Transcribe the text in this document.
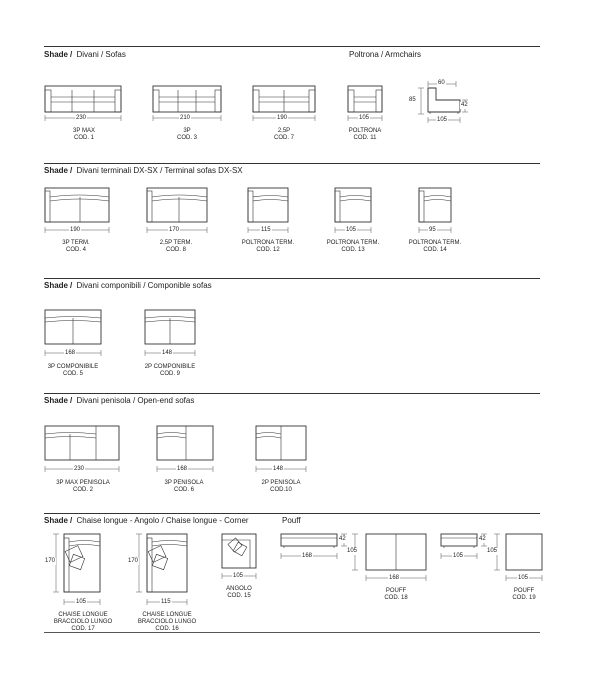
Shade / Divani / Sofas	Poltrona / Armchairs
230
3P MAX
COD. 1
210
3P
COD. 3
190
2,5P
COD. 7
105
POLTRONA
COD. 11
60
85
42
105
Shade / Divani terminali DX-SX / Terminal sofas DX-SX
190
3P TERM.
COD. 4
170
2,5P TERM.
COD. 8
115
POLTRONA TERM.
COD. 12
105
POLTRONA TERM.
COD. 13
95
POLTRONA TERM.
COD. 14
Shade / Divani componibili / Componible sofas
168
3P COMPONIBILE
COD. 5
148
2P COMPONIBILE
COD. 9
Shade / Divani penisola / Open-end sofas
230
3P MAX PENISOLA
COD. 2
168
3P PENISOLA
COD. 6
148
2P PENISOLA
COD.10
Shade / Chaise longue - Angolo / Chaise longue - Corner	Pouff
170
105
CHAISE LONGUE
BRACCIOLO LUNGO
COD. 17
170
115
CHAISE LONGUE
BRACCIOLO LUNGO
COD. 16
105
ANGOLO
COD. 15
42
168
105
168
POUFF
COD. 18
42
105
105
105
POUFF
COD. 19
